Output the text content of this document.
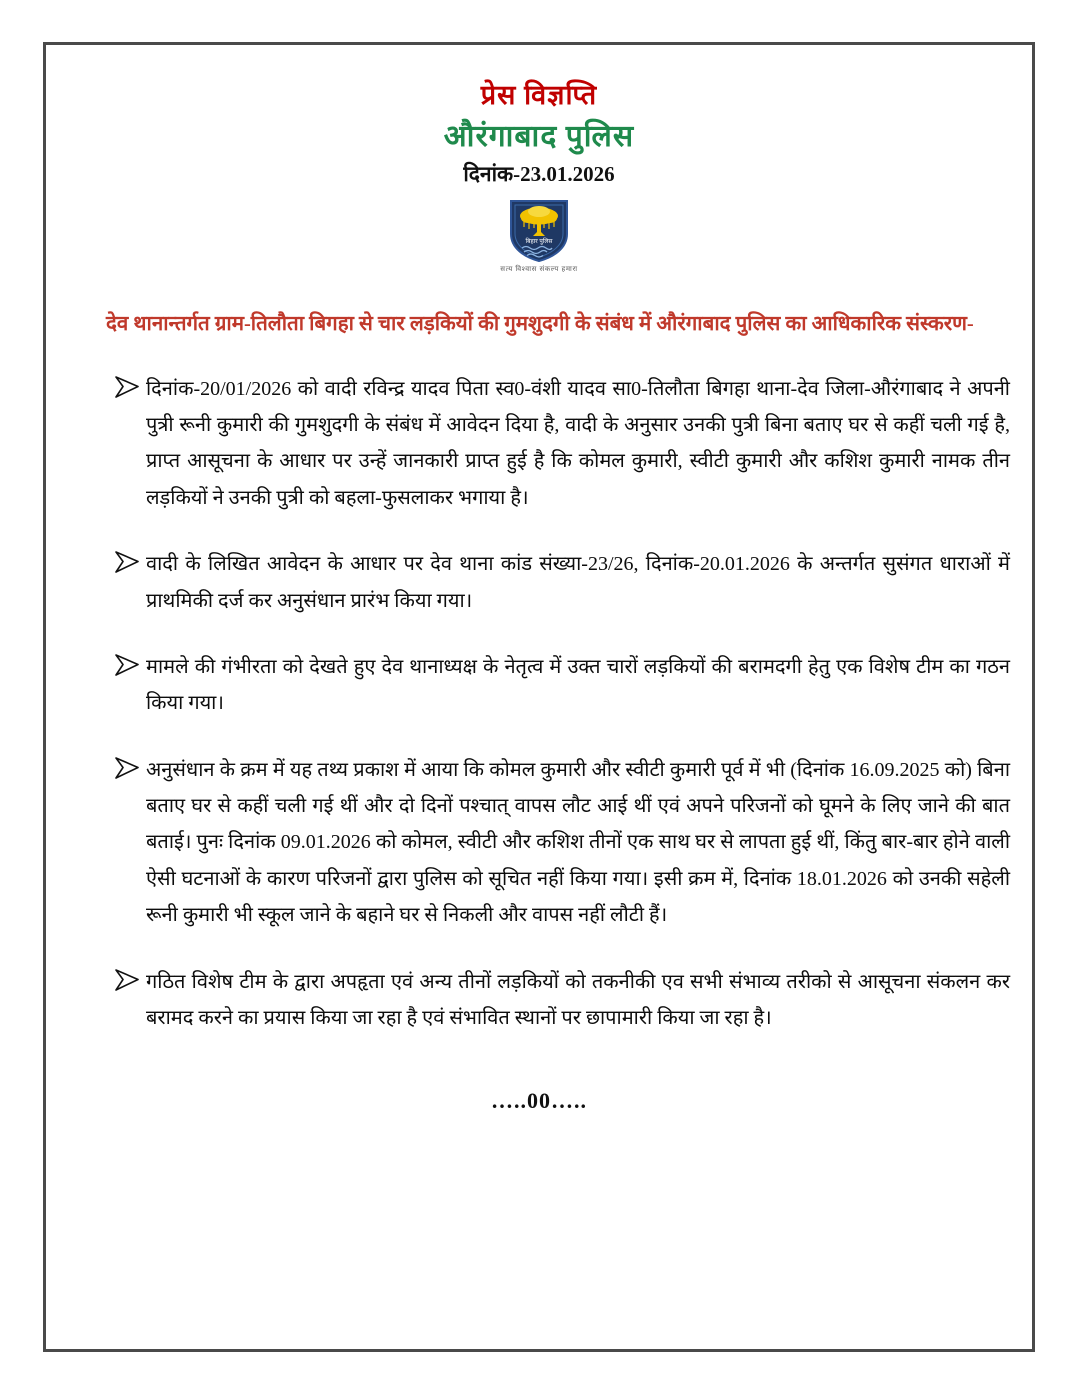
प्रेस विज्ञप्ति
औरंगाबाद पुलिस
दिनांक-23.01.2026
बिहार पुलिस
सत्य विश्वास संकल्प हमारा
देव थानान्तर्गत ग्राम-तिलौता बिगहा से चार लड़कियों की गुमशुदगी के संबंध में औरंगाबाद पुलिस का आधिकारिक संस्करण-
दिनांक-20/01/2026 को वादी रविन्द्र यादव पिता स्व0-वंशी यादव सा0-तिलौता बिगहा थाना-देव जिला-औरंगाबाद ने अपनी पुत्री रूनी कुमारी की गुमशुदगी के संबंध में आवेदन दिया है, वादी के अनुसार उनकी पुत्री बिना बताए घर से कहीं चली गई है, प्राप्त आसूचना के आधार पर उन्हें जानकारी प्राप्त हुई है कि कोमल कुमारी, स्वीटी कुमारी और कशिश कुमारी नामक तीन लड़कियों ने उनकी पुत्री को बहला-फुसलाकर भगाया है।
वादी के लिखित आवेदन के आधार पर देव थाना कांड संख्या-23/26, दिनांक-20.01.2026 के अन्तर्गत सुसंगत धाराओं में प्राथमिकी दर्ज कर अनुसंधान प्रारंभ किया गया।
मामले की गंभीरता को देखते हुए देव थानाध्यक्ष के नेतृत्व में उक्त चारों लड़कियों की बरामदगी हेतु एक विशेष टीम का गठन किया गया।
अनुसंधान के क्रम में यह तथ्य प्रकाश में आया कि कोमल कुमारी और स्वीटी कुमारी पूर्व में भी (दिनांक 16.09.2025 को) बिना बताए घर से कहीं चली गई थीं और दो दिनों पश्चात् वापस लौट आई थीं एवं अपने परिजनों को घूमने के लिए जाने की बात बताई। पुनः दिनांक 09.01.2026 को कोमल, स्वीटी और कशिश तीनों एक साथ घर से लापता हुई थीं, किंतु बार-बार होने वाली ऐसी घटनाओं के कारण परिजनों द्वारा पुलिस को सूचित नहीं किया गया। इसी क्रम में, दिनांक 18.01.2026 को उनकी सहेली रूनी कुमारी भी स्कूल जाने के बहाने घर से निकली और वापस नहीं लौटी हैं।
गठित विशेष टीम के द्वारा अपहृता एवं अन्य तीनों लड़कियों को तकनीकी एव सभी संभाव्य तरीको से आसूचना संकलन कर बरामद करने का प्रयास किया जा रहा है एवं संभावित स्थानों पर छापामारी किया जा रहा है।
…..00…..
